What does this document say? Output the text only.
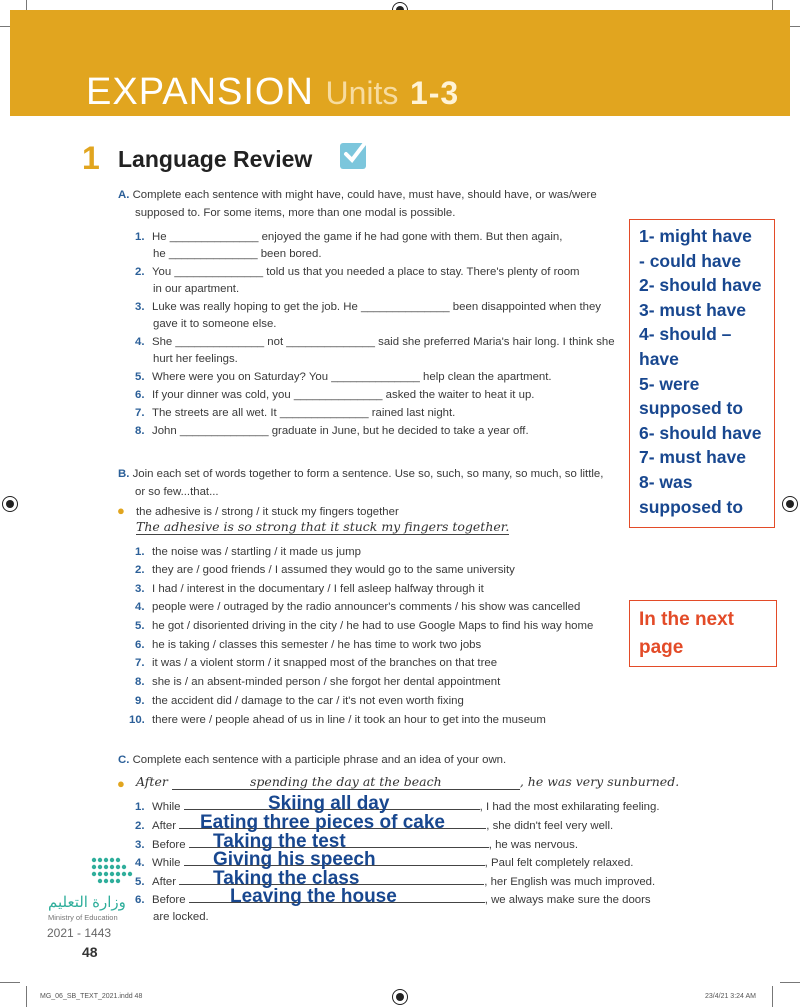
EXPANSION Units 1-3
1 Language Review
A. Complete each sentence with might have, could have, must have, should have, or was/were
supposed to. For some items, more than one modal is possible.
1. He ______________ enjoyed the game if he had gone with them. But then again,
he ______________ been bored.
2. You ______________ told us that you needed a place to stay. There's plenty of room
in our apartment.
3. Luke was really hoping to get the job. He ______________ been disappointed when they
gave it to someone else.
4. She ______________ not ______________ said she preferred Maria's hair long. I think she
hurt her feelings.
5. Where were you on Saturday? You ______________ help clean the apartment.
6. If your dinner was cold, you ______________ asked the waiter to heat it up.
7. The streets are all wet. It ______________ rained last night.
8. John ______________ graduate in June, but he decided to take a year off.
B. Join each set of words together to form a sentence. Use so, such, so many, so much, so little,
or so few...that...
● the adhesive is / strong / it stuck my fingers together
The adhesive is so strong that it stuck my fingers together.
1. the noise was / startling / it made us jump
2. they are / good friends / I assumed they would go to the same university
3. I had / interest in the documentary / I fell asleep halfway through it
4. people were / outraged by the radio announcer's comments / his show was cancelled
5. he got / disoriented driving in the city / he had to use Google Maps to find his way home
6. he is taking / classes this semester / he has time to work two jobs
7. it was / a violent storm / it snapped most of the branches on that tree
8. she is / an absent-minded person / she forgot her dental appointment
9. the accident did / damage to the car / it's not even worth fixing
10. there were / people ahead of us in line / it took an hour to get into the museum
1- might have
- could have
2- should have
3- must have
4- should –
have
5- were
supposed to
6- should have
7- must have
8- was
supposed to
In the next
page
C. Complete each sentence with a participle phrase and an idea of your own.
● After	spending the day at the beach	, he was very sunburned.
1. While	, I had the most exhilarating feeling.
2. After	, she didn't feel very well.
3. Before	, he was nervous.
4. While	, Paul felt completely relaxed.
5. After	, her English was much improved.
6. Before	, we always make sure the doors
are locked.
Skiing all day
Eating three pieces of cake
Taking the test
Giving his speech
Taking the class
Leaving the house
وزارة التعليم
Ministry of Education
2021 - 1443
48
MG_06_SB_TEXT_2021.indd 48	23/4/21 3:24 AM
